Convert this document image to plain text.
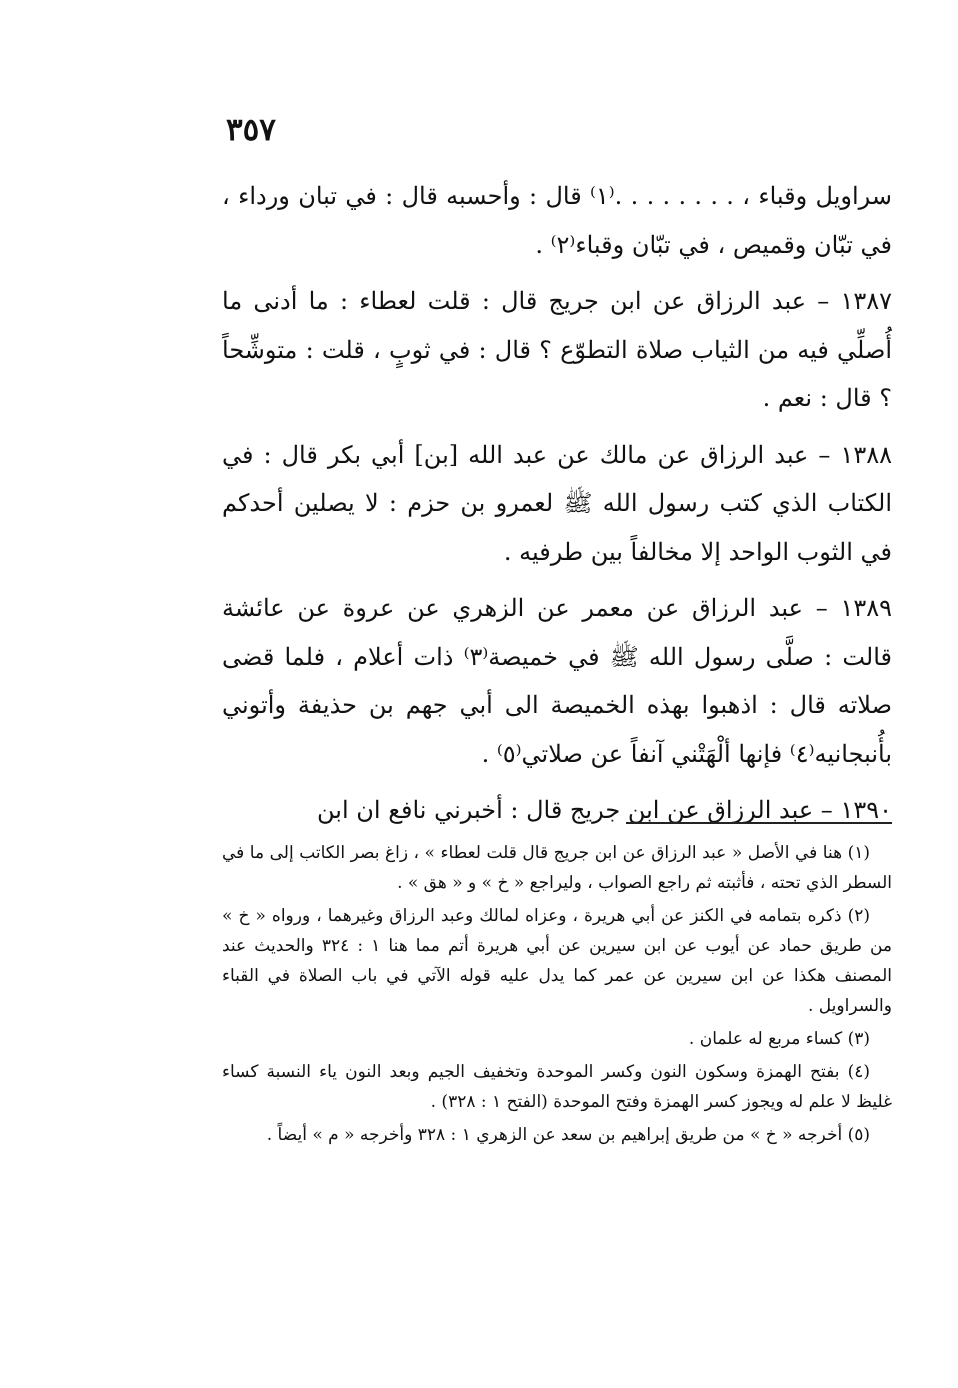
٣٥٧

سراويل وقباء ، . . . . . . . .⁽١⁾ قال : وأحسبه قال : في تبان ورداء ، في تبّان وقميص ، في تبّان وقباء⁽٢⁾ .

١٣٨٧ – عبد الرزاق عن ابن جريج قال : قلت لعطاء : ما أدنى ما أُصلِّي فيه من الثياب صلاة التطوّع ؟ قال : في ثوبٍ ، قلت : متوشِّحاً ؟ قال : نعم .

١٣٨٨ – عبد الرزاق عن مالك عن عبد الله [بن] أبي بكر قال : في الكتاب الذي كتب رسول الله ﷺ لعمرو بن حزم : لا يصلين أحدكم في الثوب الواحد إلا مخالفاً بين طرفيه .

١٣٨٩ – عبد الرزاق عن معمر عن الزهري عن عروة عن عائشة قالت : صلَّى رسول الله ﷺ في خميصة⁽٣⁾ ذات أعلام ، فلما قضى صلاته قال : اذهبوا بهذه الخميصة الى أبي جهم بن حذيفة وأتوني بأُنبجانيه⁽٤⁾ فإنها ألْهَتْني آنفاً عن صلاتي⁽٥⁾ .

١٣٩٠ – عبد الرزاق عن ابن جريج قال : أخبرني نافع ان ابن

(١) هنا في الأصل « عبد الرزاق عن ابن جريج قال قلت لعطاء » ، زاغ بصر الكاتب إلى ما في السطر الذي تحته ، فأثبته ثم راجع الصواب ، وليراجع « خ » و « هق » .

(٢) ذكره بتمامه في الكنز عن أبي هريرة ، وعزاه لمالك وعبد الرزاق وغيرهما ، ورواه « خ » من طريق حماد عن أيوب عن ابن سيرين عن أبي هريرة أتم مما هنا ١ : ٣٢٤ والحديث عند المصنف هكذا عن ابن سيرين عن عمر كما يدل عليه قوله الآتي في باب الصلاة في القباء والسراويل .

(٣) كساء مربع له علمان .

(٤) بفتح الهمزة وسكون النون وكسر الموحدة وتخفيف الجيم وبعد النون ياء النسبة كساء غليظ لا علم له ويجوز كسر الهمزة وفتح الموحدة (الفتح ١ : ٣٢٨) .

(٥) أخرجه « خ » من طريق إبراهيم بن سعد عن الزهري ١ : ٣٢٨ وأخرجه « م » أيضاً .
